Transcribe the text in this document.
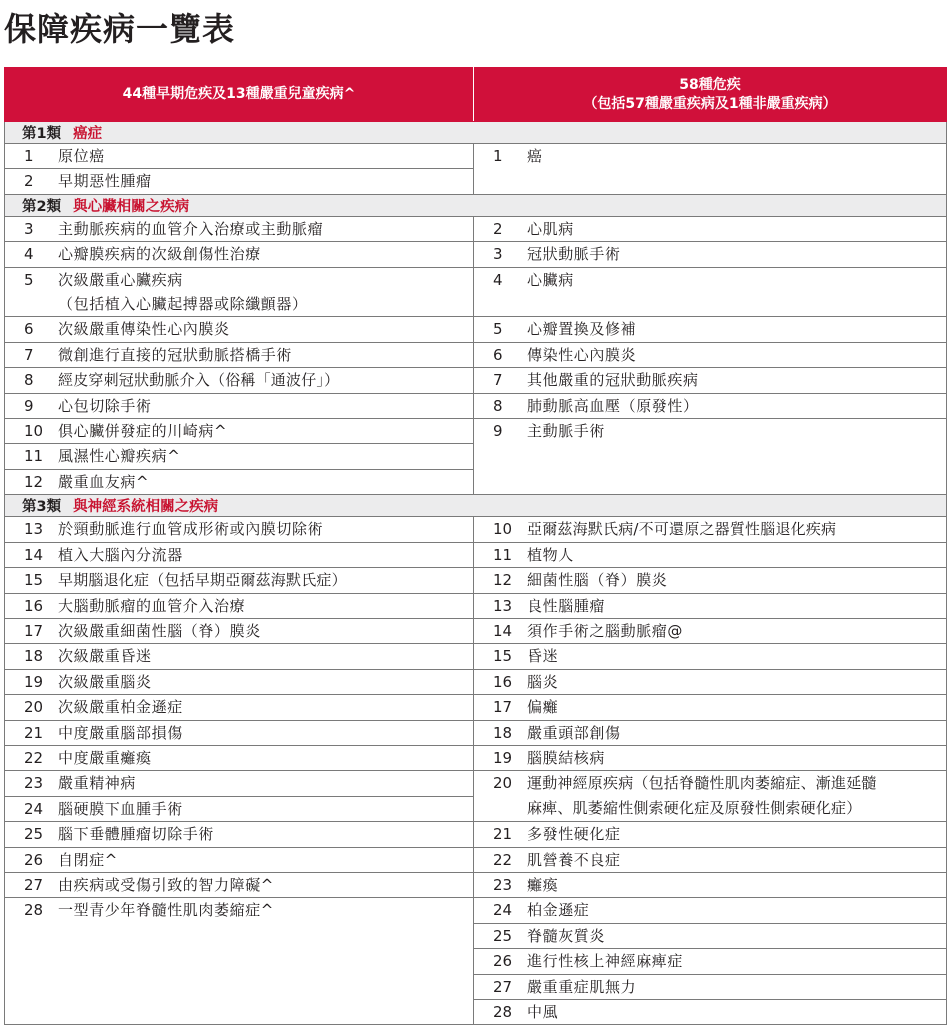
保障疾病一覽表
44種早期危疾及13種嚴重兒童疾病^	58種危疾
（包括57種嚴重疾病及1種非嚴重疾病）
第1類 癌症	

1 原位癌	1 癌

2 早期惡性腫瘤	

第2類 與心臟相關之疾病	

3 主動脈疾病的血管介入治療或主動脈瘤	2 心肌病

4 心瓣膜疾病的次級創傷性治療	3 冠狀動脈手術

5 次級嚴重心臟疾病
（包括植入心臟起搏器或除纖顫器）	4 心臟病

6 次級嚴重傳染性心內膜炎	5 心瓣置換及修補

7 微創進行直接的冠狀動脈搭橋手術	6 傳染性心內膜炎

8 經皮穿刺冠狀動脈介入（俗稱「通波仔」）	7 其他嚴重的冠狀動脈疾病

9 心包切除手術	8 肺動脈高血壓（原發性）

10 俱心臟併發症的川崎病^	9 主動脈手術

11 風濕性心瓣疾病^	

12 嚴重血友病^	

第3類 與神經系統相關之疾病	

13 於頸動脈進行血管成形術或內膜切除術	10 亞爾茲海默氏病/不可還原之器質性腦退化疾病

14 植入大腦內分流器	11 植物人

15 早期腦退化症（包括早期亞爾茲海默氏症）	12 細菌性腦（脊）膜炎

16 大腦動脈瘤的血管介入治療	13 良性腦腫瘤

17 次級嚴重細菌性腦（脊）膜炎	14 須作手術之腦動脈瘤@

18 次級嚴重昏迷	15 昏迷

19 次級嚴重腦炎	16 腦炎

20 次級嚴重柏金遜症	17 偏癱

21 中度嚴重腦部損傷	18 嚴重頭部創傷

22 中度嚴重癱瘓	19 腦膜結核病

23 嚴重精神病	20 運動神經原疾病（包括脊髓性肌肉萎縮症、漸進延髓
麻痺、肌萎縮性側索硬化症及原發性側索硬化症）

24 腦硬膜下血腫手術	

25 腦下垂體腫瘤切除手術	21 多發性硬化症

26 自閉症^	22 肌營養不良症

27 由疾病或受傷引致的智力障礙^	23 癱瘓

28 一型青少年脊髓性肌肉萎縮症^	24 柏金遜症

	25 脊髓灰質炎

	26 進行性核上神經麻痺症

	27 嚴重重症肌無力

	28 中風
